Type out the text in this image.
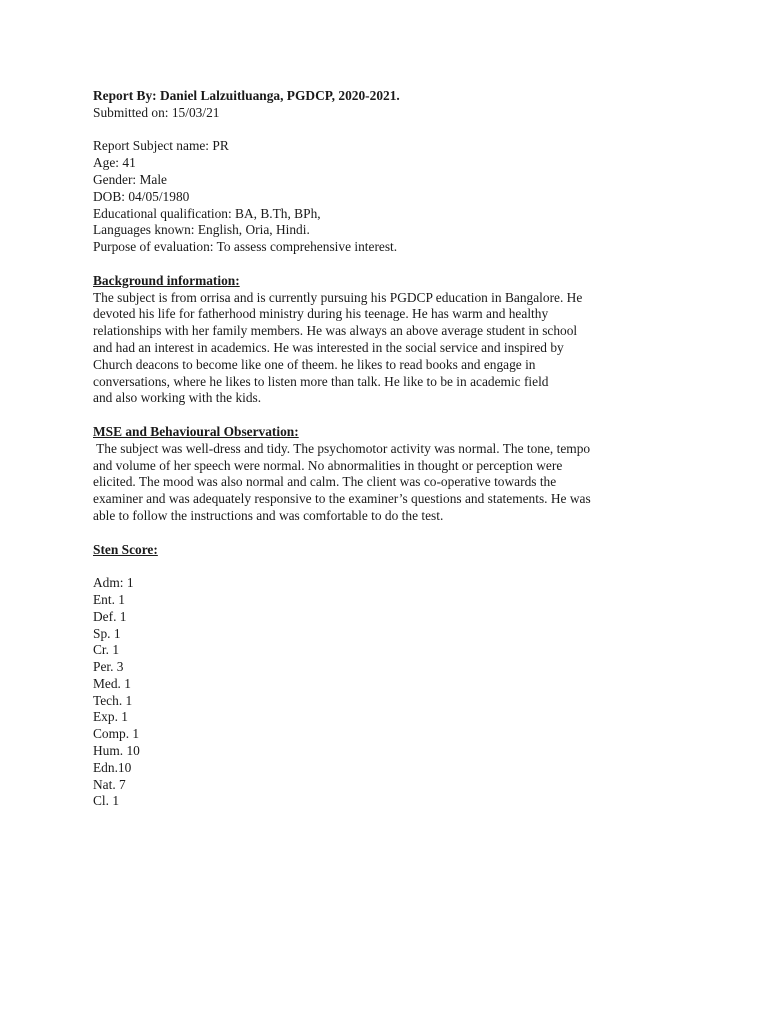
Report By: Daniel Lalzuitluanga, PGDCP, 2020-2021.
Submitted on: 15/03/21
Report Subject name: PR
Age: 41
Gender: Male
DOB: 04/05/1980
Educational qualification: BA, B.Th, BPh,
Languages known: English, Oria, Hindi.
Purpose of evaluation: To assess comprehensive interest.
Background information:
The subject is from orrisa and is currently pursuing his PGDCP education in Bangalore. He
devoted his life for fatherhood ministry during his teenage. He has warm and healthy
relationships with her family members. He was always an above average student in school
and had an interest in academics. He was interested in the social service and inspired by
Church deacons to become like one of theem. he likes to read books and engage in
conversations, where he likes to listen more than talk. He like to be in academic field
and also working with the kids.
MSE and Behavioural Observation:
The subject was well-dress and tidy. The psychomotor activity was normal. The tone, tempo
and volume of her speech were normal. No abnormalities in thought or perception were
elicited. The mood was also normal and calm. The client was co-operative towards the
examiner and was adequately responsive to the examiner’s questions and statements. He was
able to follow the instructions and was comfortable to do the test.
Sten Score:
Adm: 1
Ent. 1
Def. 1
Sp. 1
Cr. 1
Per. 3
Med. 1
Tech. 1
Exp. 1
Comp. 1
Hum. 10
Edn.10
Nat. 7
Cl. 1
